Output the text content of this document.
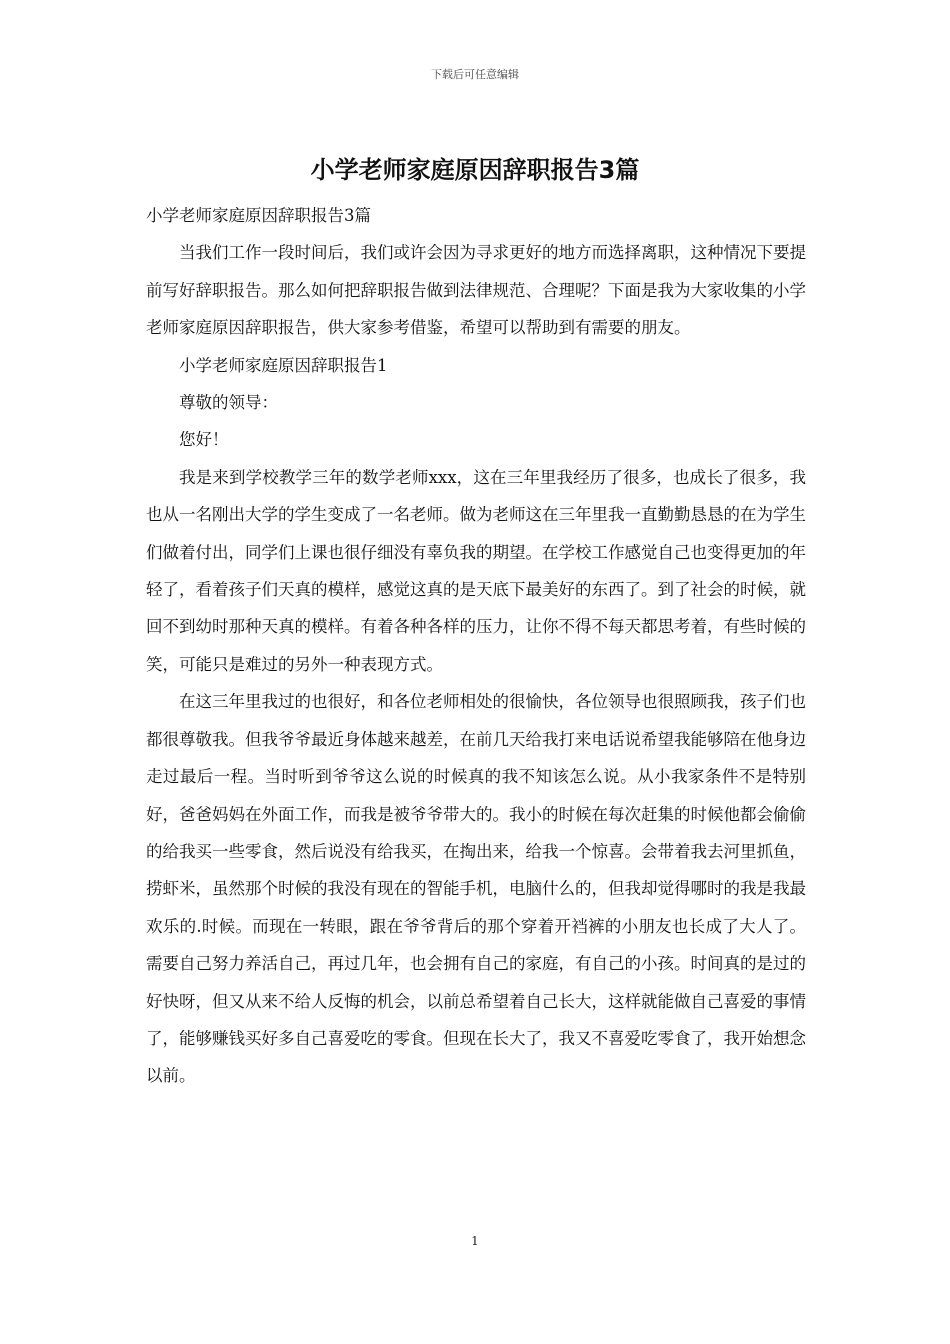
下载后可任意编辑
小学老师家庭原因辞职报告3篇

小学老师家庭原因辞职报告3篇

当我们工作一段时间后，我们或许会因为寻求更好的地方而选择离职，这种情况下要提前写好辞职报告。那么如何把辞职报告做到法律规范、合理呢？下面是我为大家收集的小学老师家庭原因辞职报告，供大家参考借鉴，希望可以帮助到有需要的朋友。

小学老师家庭原因辞职报告1

尊敬的领导：

您好！

我是来到学校教学三年的数学老师xxx，这在三年里我经历了很多，也成长了很多，我也从一名刚出大学的学生变成了一名老师。做为老师这在三年里我一直勤勤恳恳的在为学生们做着付出，同学们上课也很仔细没有辜负我的期望。在学校工作感觉自己也变得更加的年轻了，看着孩子们天真的模样，感觉这真的是天底下最美好的东西了。到了社会的时候，就回不到幼时那种天真的模样。有着各种各样的压力，让你不得不每天都思考着，有些时候的笑，可能只是难过的另外一种表现方式。

在这三年里我过的也很好，和各位老师相处的很愉快，各位领导也很照顾我，孩子们也都很尊敬我。但我爷爷最近身体越来越差，在前几天给我打来电话说希望我能够陪在他身边走过最后一程。当时听到爷爷这么说的时候真的我不知该怎么说。从小我家条件不是特别好，爸爸妈妈在外面工作，而我是被爷爷带大的。我小的时候在每次赶集的时候他都会偷偷的给我买一些零食，然后说没有给我买，在掏出来，给我一个惊喜。会带着我去河里抓鱼，捞虾米，虽然那个时候的我没有现在的智能手机，电脑什么的，但我却觉得哪时的我是我最欢乐的.时候。而现在一转眼，跟在爷爷背后的那个穿着开裆裤的小朋友也长成了大人了。需要自己努力养活自己，再过几年，也会拥有自己的家庭，有自己的小孩。时间真的是过的好快呀，但又从来不给人反悔的机会，以前总希望着自己长大，这样就能做自己喜爱的事情了，能够赚钱买好多自己喜爱吃的零食。但现在长大了，我又不喜爱吃零食了，我开始想念以前。

1
